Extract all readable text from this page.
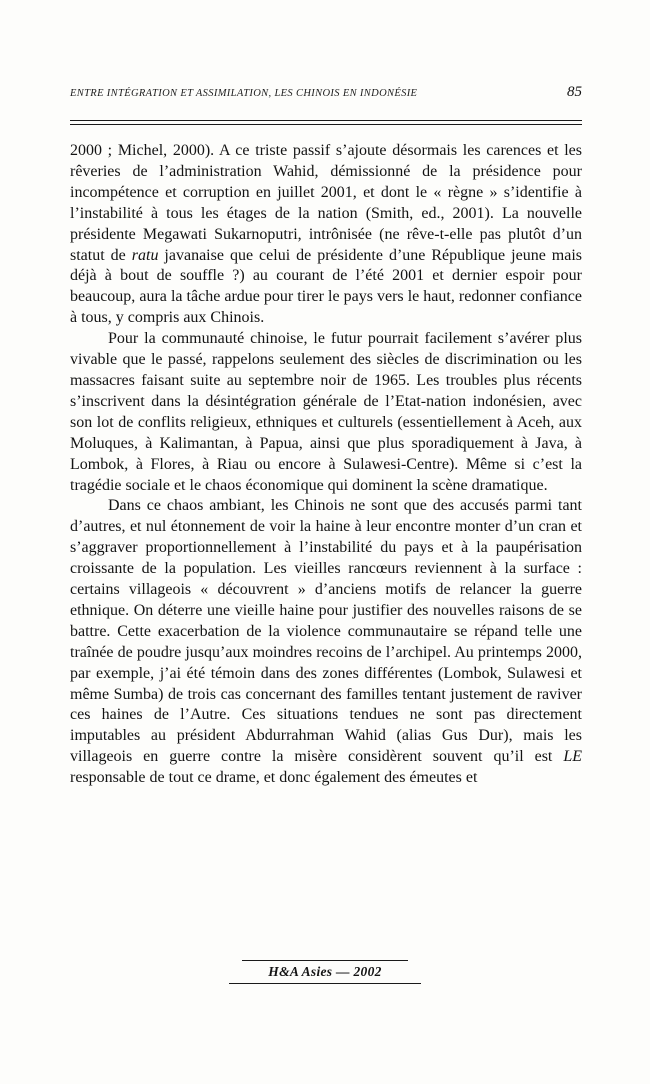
ENTRE INTÉGRATION ET ASSIMILATION, LES CHINOIS EN INDONÉSIE	85

2000 ; Michel, 2000). A ce triste passif s’ajoute désormais les carences et les rêveries de l’administration Wahid, démissionné de la présidence pour incompétence et corruption en juillet 2001, et dont le « règne » s’identifie à l’instabilité à tous les étages de la nation (Smith, ed., 2001). La nouvelle présidente Megawati Sukarnoputri, intrônisée (ne rêve-t-elle pas plutôt d’un statut de ratu javanaise que celui de présidente d’une République jeune mais déjà à bout de souffle ?) au courant de l’été 2001 et dernier espoir pour beaucoup, aura la tâche ardue pour tirer le pays vers le haut, redonner confiance à tous, y compris aux Chinois.

Pour la communauté chinoise, le futur pourrait facilement s’avérer plus vivable que le passé, rappelons seulement des siècles de discrimination ou les massacres faisant suite au septembre noir de 1965. Les troubles plus récents s’inscrivent dans la désintégration générale de l’Etat-nation indonésien, avec son lot de conflits religieux, ethniques et culturels (essentiellement à Aceh, aux Moluques, à Kalimantan, à Papua, ainsi que plus sporadiquement à Java, à Lombok, à Flores, à Riau ou encore à Sulawesi-Centre). Même si c’est la tragédie sociale et le chaos économique qui dominent la scène dramatique.

Dans ce chaos ambiant, les Chinois ne sont que des accusés parmi tant d’autres, et nul étonnement de voir la haine à leur encontre monter d’un cran et s’aggraver proportionnellement à l’instabilité du pays et à la paupérisation croissante de la population. Les vieilles rancœurs reviennent à la surface : certains villageois « découvrent » d’anciens motifs de relancer la guerre ethnique. On déterre une vieille haine pour justifier des nouvelles raisons de se battre. Cette exacerbation de la violence communautaire se répand telle une traînée de poudre jusqu’aux moindres recoins de l’archipel. Au printemps 2000, par exemple, j’ai été témoin dans des zones différentes (Lombok, Sulawesi et même Sumba) de trois cas concernant des familles tentant justement de raviver ces haines de l’Autre. Ces situations tendues ne sont pas directement imputables au président Abdurrahman Wahid (alias Gus Dur), mais les villageois en guerre contre la misère considèrent souvent qu’il est LE responsable de tout ce drame, et donc également des émeutes et

H&A Asies — 2002
